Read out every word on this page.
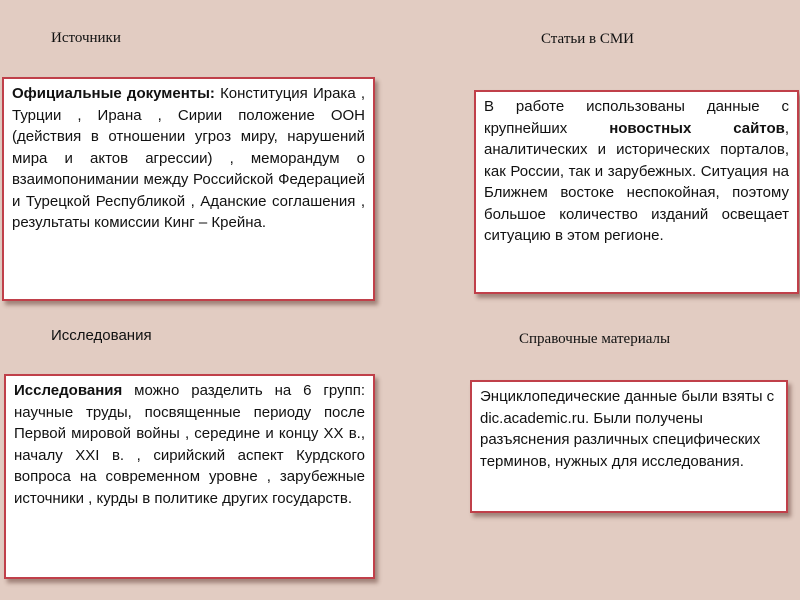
Источники	Статьи в СМИ

Официальные документы: Конституция Ирака , Турции , Ирана , Сирии положение ООН (действия в отношении угроз миру, нарушений мира и актов агрессии) , меморандум о взаимопонимании между Российской Федерацией и Турецкой Республикой , Аданские соглашения , результаты комиссии Кинг – Крейна.

В работе использованы данные с крупнейших новостных сайтов, аналитических и исторических порталов, как России, так и зарубежных. Ситуация на Ближнем востоке неспокойная, поэтому большое количество изданий освещает ситуацию в этом регионе.

Исследования	Справочные материалы

Исследования можно разделить на 6 групп: научные труды, посвященные периоду после Первой мировой войны , середине и концу XX в., началу XXI в. , сирийский аспект Курдского вопроса на современном уровне , зарубежные источники , курды в политике других государств.

Энциклопедические данные были взяты с dic.academic.ru. Были получены разъяснения различных специфических терминов, нужных для исследования.
